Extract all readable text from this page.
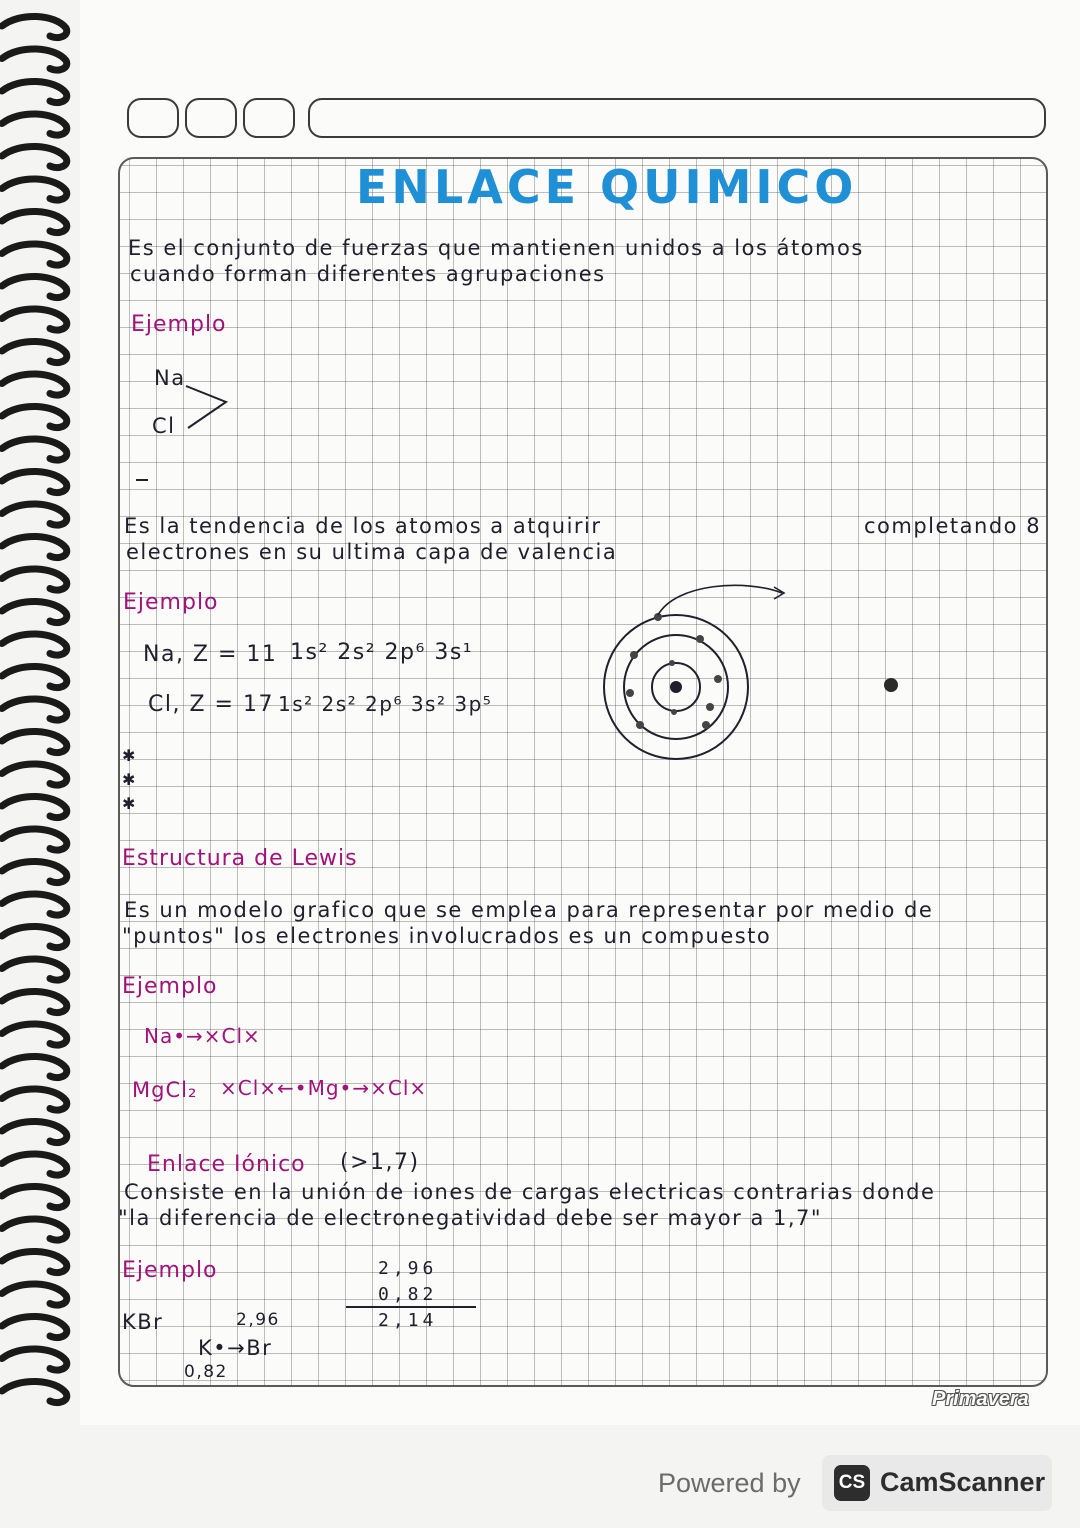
ENLACE QUIMICO
Es el conjunto de fuerzas que mantienen unidos a los átomos
cuando forman diferentes agrupaciones
Ejemplo
Na
Cl
Es la tendencia de los atomos a atquirir	completando 8
electrones en su ultima capa de valencia
Ejemplo
Na, Z = 11 1s² 2s² 2p⁶ 3s¹
Cl, Z = 17 1s² 2s² 2p⁶ 3s² 3p⁵
✱
✱
✱
Estructura de Lewis
Es un modelo grafico que se emplea para representar por medio de
"puntos" los electrones involucrados es un compuesto
Ejemplo
Na•→×Cl×
MgCl₂ ×Cl×←•Mg•→×Cl×
Enlace Iónico (>1,7)
Consiste en la unión de iones de cargas electricas contrarias donde
"la diferencia de electronegatividad debe ser mayor a 1,7"
Ejemplo
KBr	2,96
K•→Br
0,82
2,96
0,82
2,14
Primavera
Powered by CS CamScanner
